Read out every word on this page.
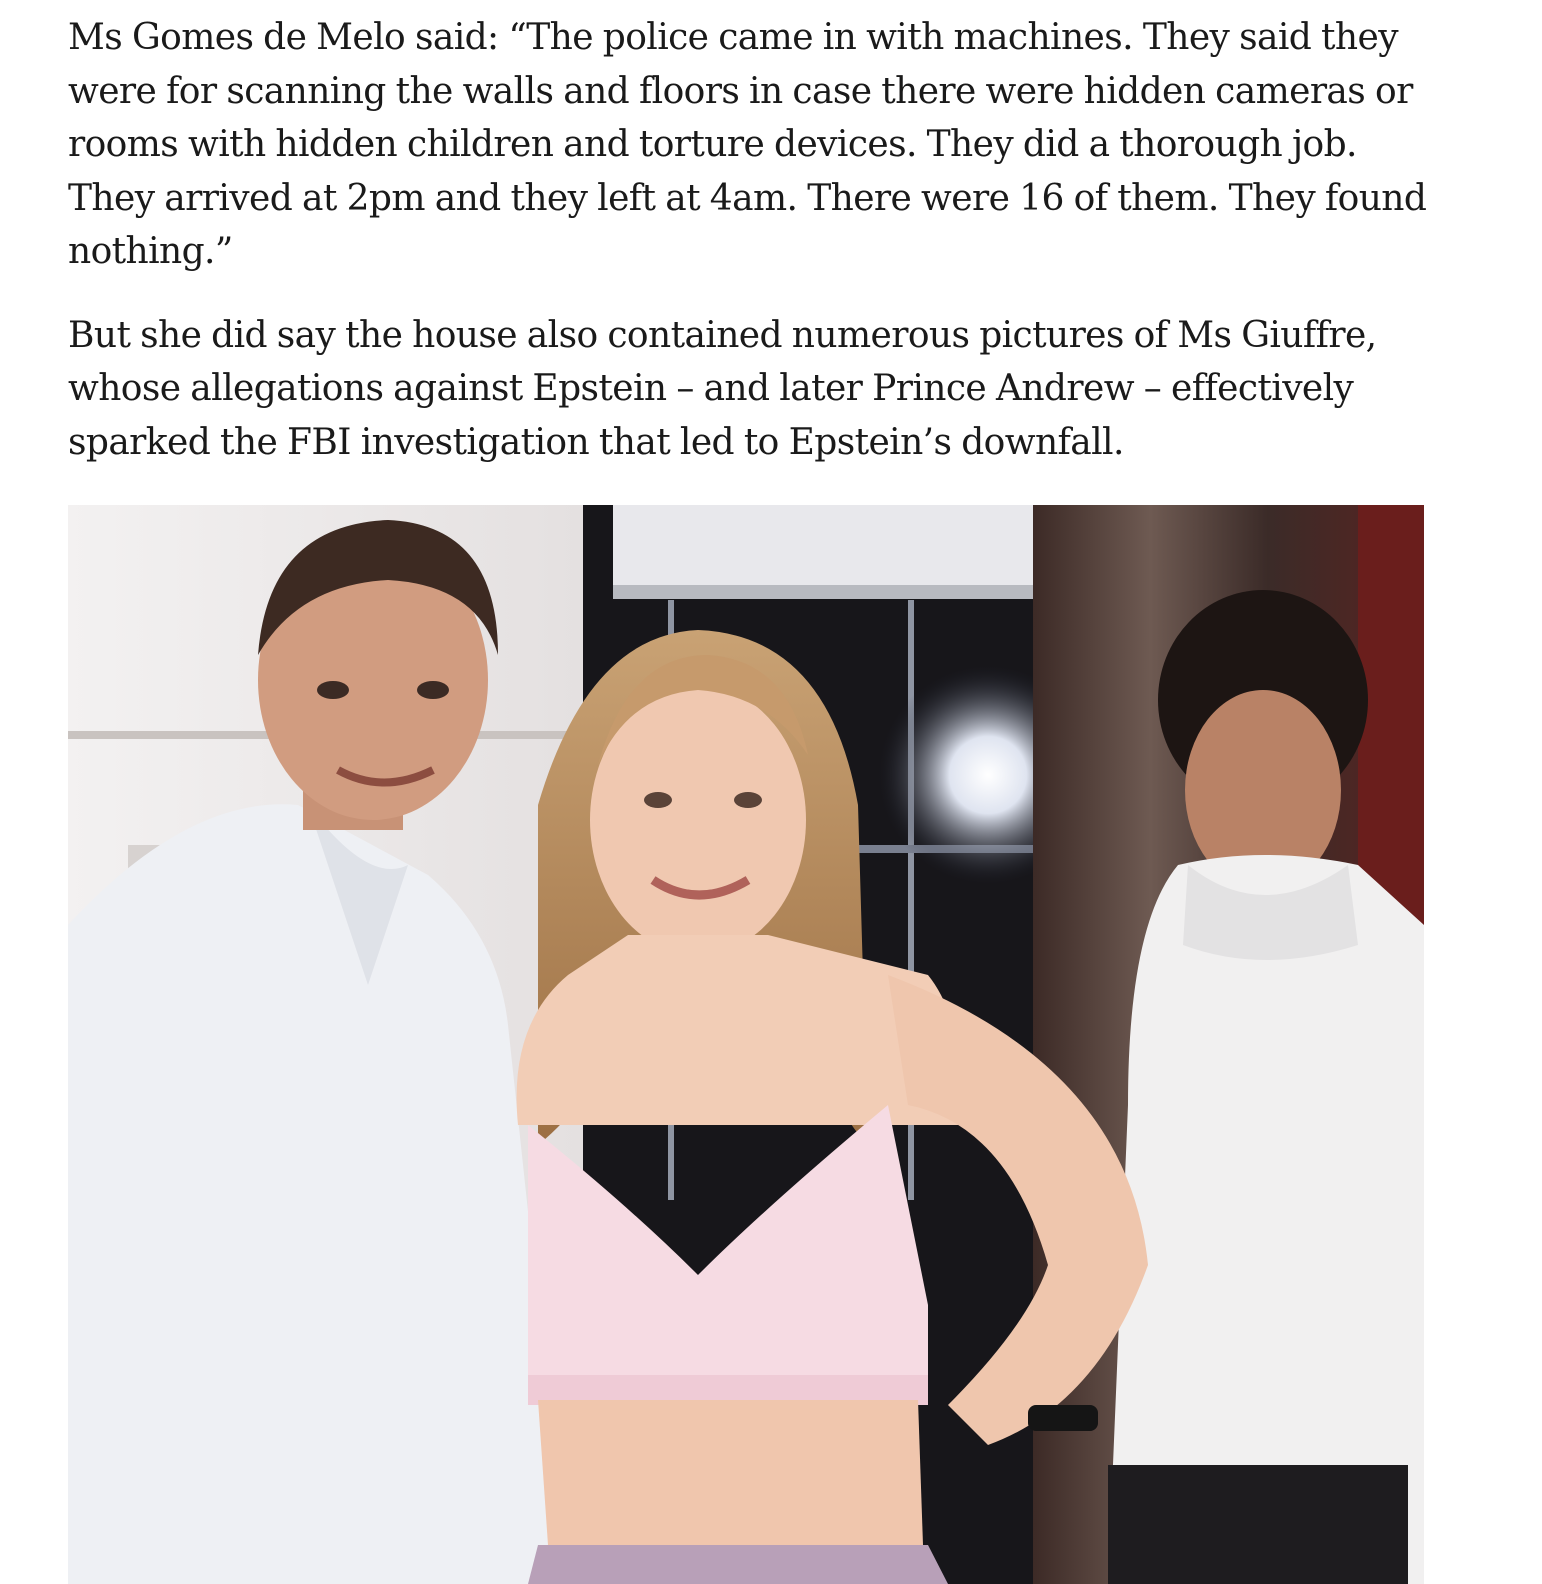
Ms Gomes de Melo said: “The police came in with machines. They said they were for scanning the walls and floors in case there were hidden cameras or rooms with hidden children and torture devices. They did a thorough job. They arrived at 2pm and they left at 4am. There were 16 of them. They found nothing.”

But she did say the house also contained numerous pictures of Ms Giuffre, whose allegations against Epstein – and later Prince Andrew – effectively sparked the FBI investigation that led to Epstein’s downfall.
